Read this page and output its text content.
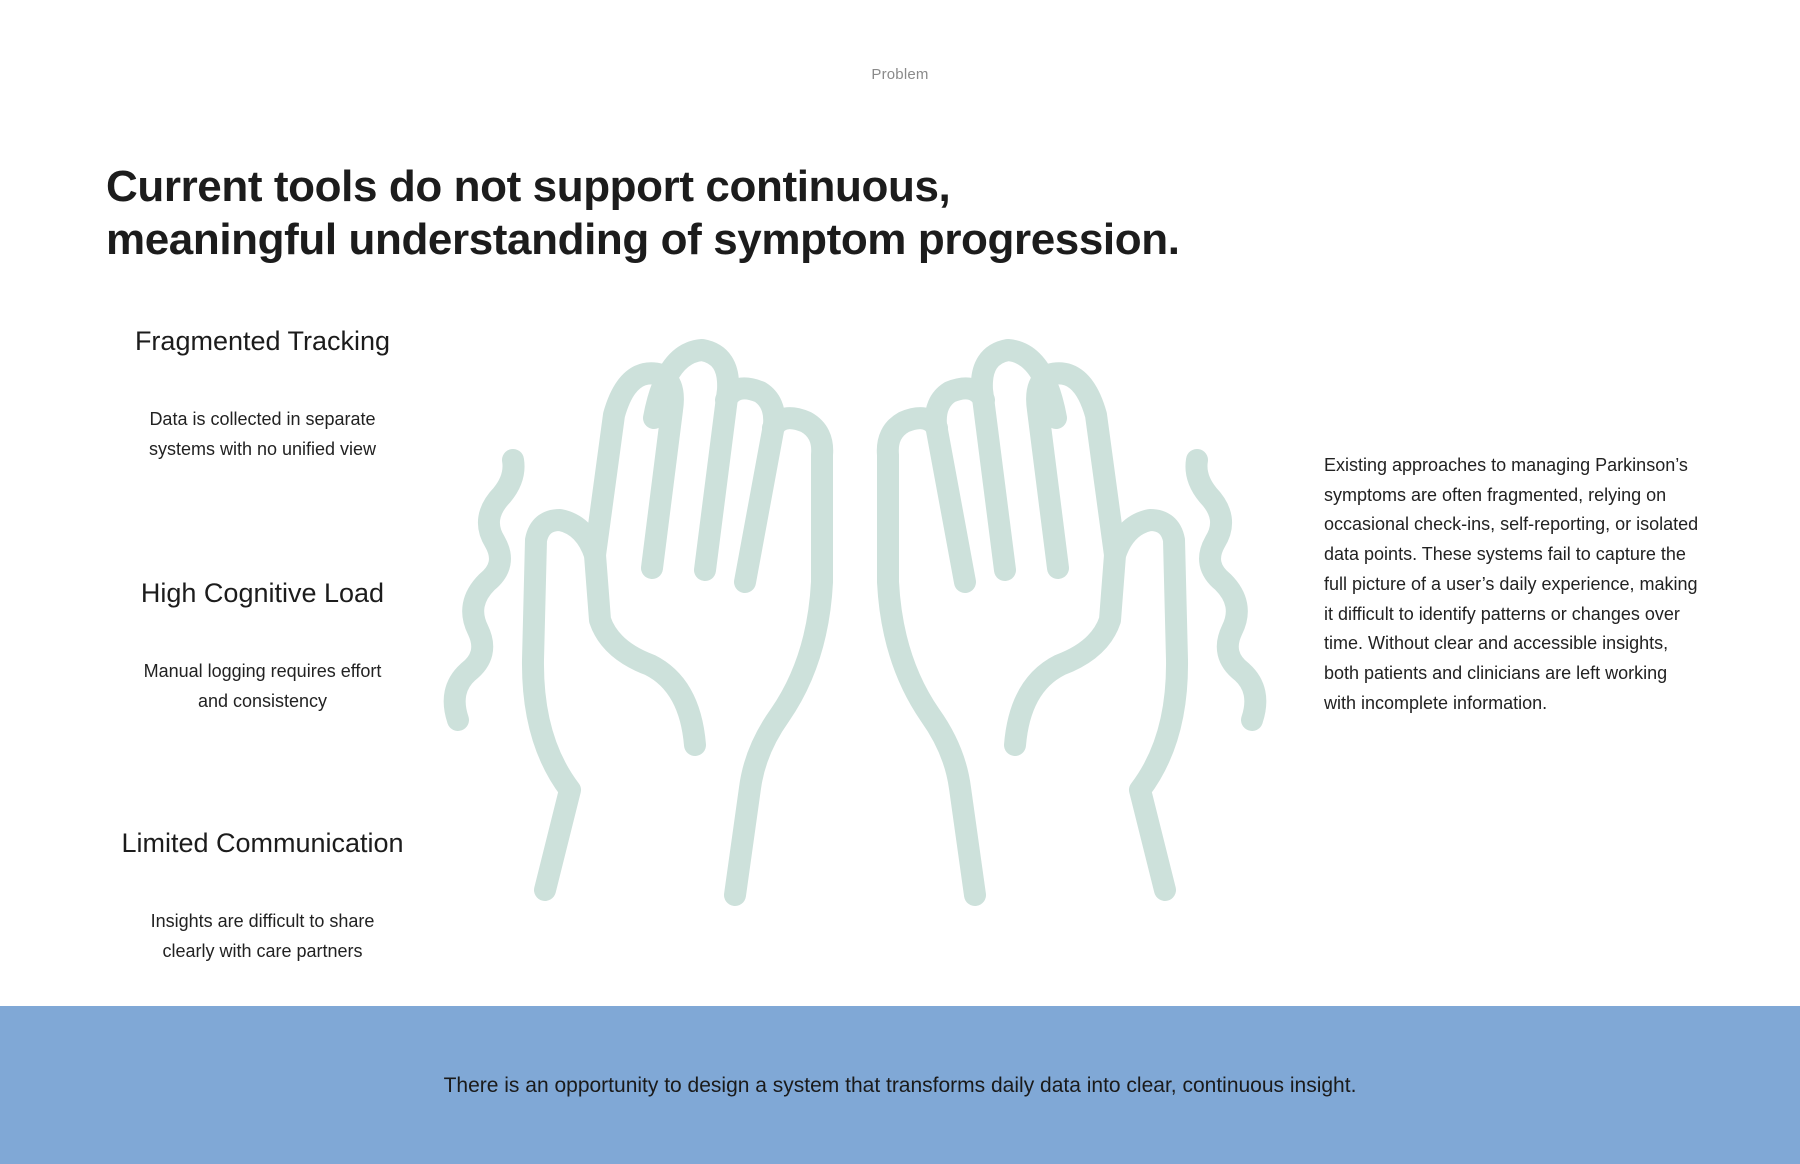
Problem
Current tools do not support continuous,
meaningful understanding of symptom progression.
Fragmented Tracking

Data is collected in separate systems with no unified view

High Cognitive Load

Manual logging requires effort and consistency

Limited Communication

Insights are difficult to share clearly with care partners

Existing approaches to managing Parkinson’s symptoms are often fragmented, relying on occasional check-ins, self-reporting, or isolated data points. These systems fail to capture the full picture of a user’s daily experience, making it difficult to identify patterns or changes over time. Without clear and accessible insights, both patients and clinicians are left working with incomplete information.

There is an opportunity to design a system that transforms daily data into clear, continuous insight.
